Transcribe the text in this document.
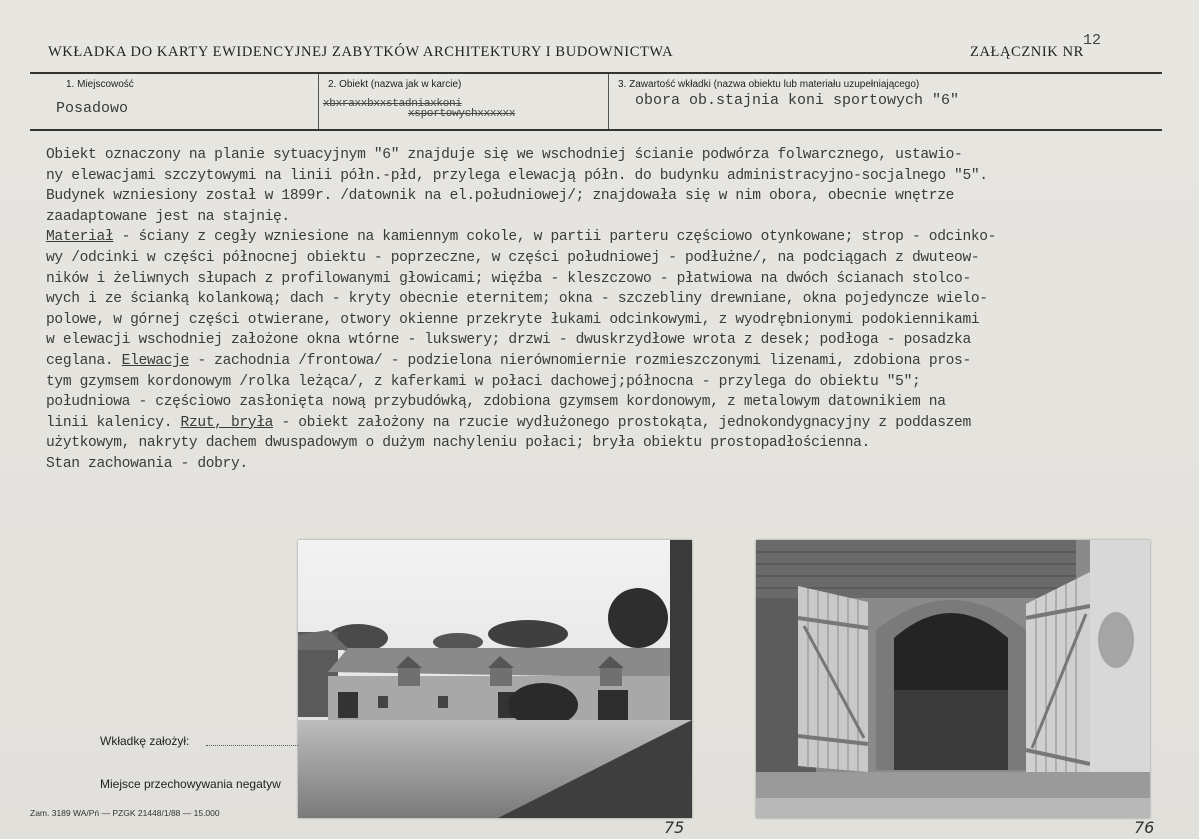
WKŁADKA DO KARTY EWIDENCYJNEJ ZABYTKÓW ARCHITEKTURY I BUDOWNICTWA	ZAŁĄCZNIK NR
12
1. Miejscowość
Posadowo
2. Obiekt (nazwa jak w karcie)
xbxraxxbxxstadniaxkoni
xsportowychxxxxxx
3. Zawartość wkładki (nazwa obiektu lub materiału uzupełniającego)
obora ob.stajnia koni sportowych "6"
Obiekt oznaczony na planie sytuacyjnym "6" znajduje się we wschodniej ścianie podwórza folwarcznego, ustawio-
ny elewacjami szczytowymi na linii półn.-płd, przylega elewacją półn. do budynku administracyjno-socjalnego "5".
Budynek wzniesiony został w 1899r. /datownik na el.południowej/; znajdowała się w nim obora, obecnie wnętrze
zaadaptowane jest na stajnię.
Materiał - ściany z cegły wzniesione na kamiennym cokole, w partii parteru częściowo otynkowane; strop - odcinko-
wy /odcinki w części północnej obiektu - poprzeczne, w części południowej - podłużne/, na podciągach z dwuteow-
ników i żeliwnych słupach z profilowanymi głowicami; więźba - kleszczowo - płatwiowa na dwóch ścianach stolco-
wych i ze ścianką kolankową; dach - kryty obecnie eternitem; okna - szczebliny drewniane, okna pojedyncze wielo-
polowe, w górnej części otwierane, otwory okienne przekryte łukami odcinkowymi, z wyodrębnionymi podokiennikami
w elewacji wschodniej założone okna wtórne - lukswery; drzwi - dwuskrzydłowe wrota z desek; podłoga - posadzka
ceglana. Elewacje - zachodnia /frontowa/ - podzielona nierównomiernie rozmieszczonymi lizenami, zdobiona pros-
tym gzymsem kordonowym /rolka leżąca/, z kaferkami w połaci dachowej;północna - przylega do obiektu "5";
południowa - częściowo zasłonięta nową przybudówką, zdobiona gzymsem kordonowym, z metalowym datownikiem na
linii kalenicy. Rzut, bryła - obiekt założony na rzucie wydłużonego prostokąta, jednokondygnacyjny z poddaszem
użytkowym, nakryty dachem dwuspadowym o dużym nachyleniu połaci; bryła obiektu prostopadłościenna.
Stan zachowania - dobry.
Wkładkę założył:
Miejsce przechowywania negatyw
Zam. 3189 WA/Pń — PZGK 21448/1/88 — 15.000
75	76
